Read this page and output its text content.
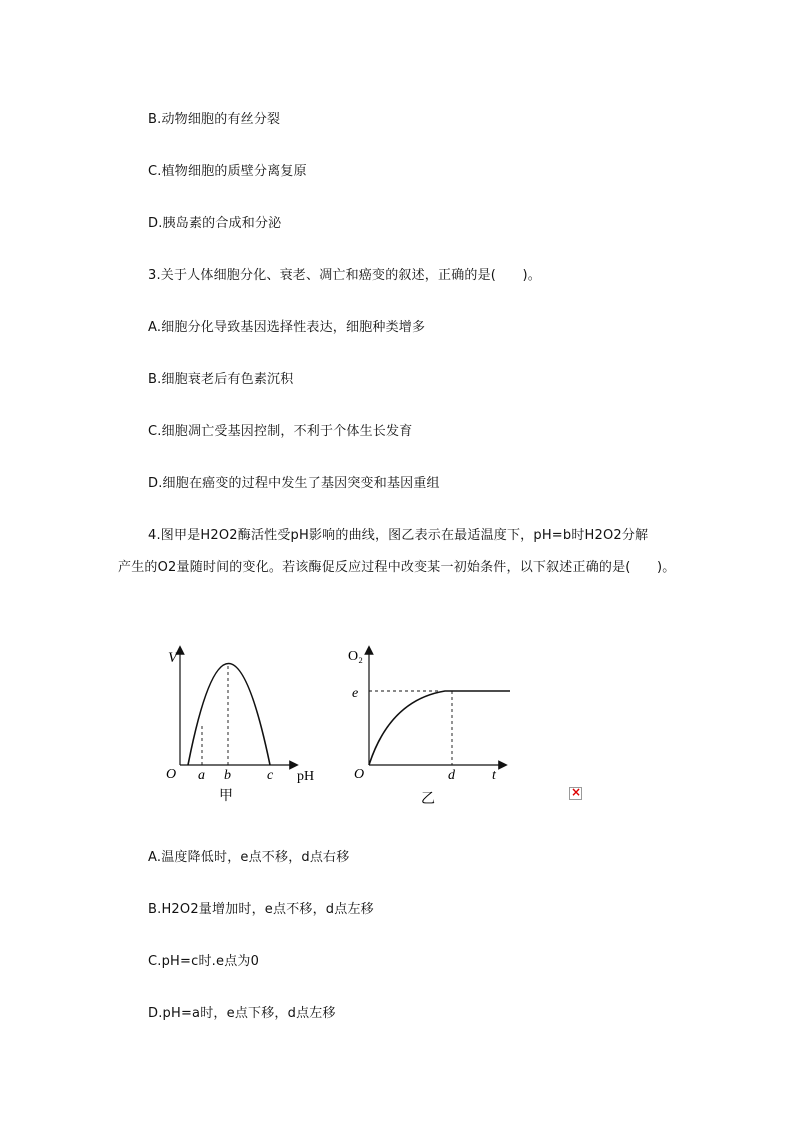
B.动物细胞的有丝分裂
C.植物细胞的质壁分离复原
D.胰岛素的合成和分泌
3.关于人体细胞分化、衰老、凋亡和癌变的叙述，正确的是(　　)。
A.细胞分化导致基因选择性表达，细胞种类增多
B.细胞衰老后有色素沉积
C.细胞凋亡受基因控制，不利于个体生长发育
D.细胞在癌变的过程中发生了基因突变和基因重组
4.图甲是H2O2酶活性受pH影响的曲线，图乙表示在最适温度下，pH=b时H2O2分解
产生的O2量随时间的变化。若该酶促反应过程中改变某一初始条件，以下叙述正确的是(　　)。
V
O a b	c pH
甲
O₂
e
O	d	t
乙	×
A.温度降低时，e点不移，d点右移
B.H2O2量增加时，e点不移，d点左移
C.pH=c时.e点为0
D.pH=a时，e点下移，d点左移
